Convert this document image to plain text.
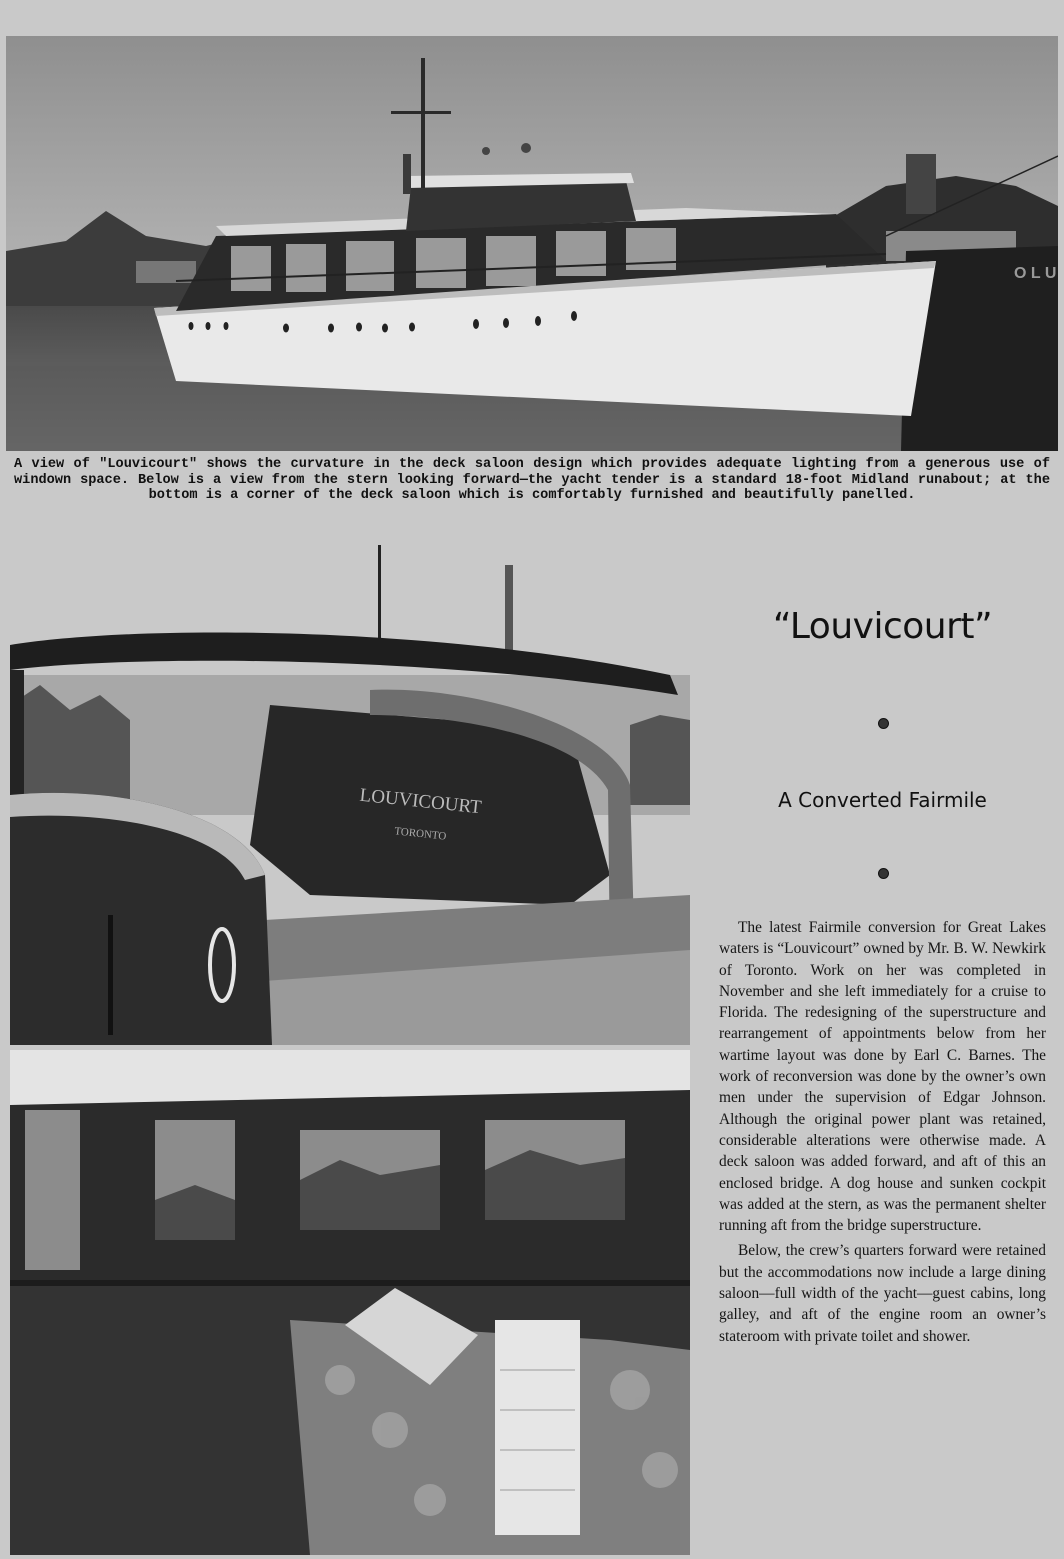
O L U
A view of "Louvicourt" shows the curvature in the deck saloon design which provides adequate lighting from a generous use of windown space. Below is a view from the stern looking forward—the yacht tender is a standard 18-foot Midland runabout; at the bottom is a corner of the deck saloon which is comfortably furnished and beautifully panelled.
LOUVICOURT
TORONTO
“Louvicourt”
A Converted Fairmile

The latest Fairmile conversion for Great Lakes waters is “Louvicourt” owned by Mr. B. W. Newkirk of Toronto. Work on her was completed in November and she left immediately for a cruise to Florida. The redesigning of the superstructure and rearrangement of appointments below from her wartime layout was done by Earl C. Barnes. The work of reconversion was done by the owner’s own men under the supervision of Edgar Johnson. Although the original power plant was retained, considerable alterations were otherwise made. A deck saloon was added forward, and aft of this an enclosed bridge. A dog house and sunken cockpit was added at the stern, as was the permanent shelter running aft from the bridge superstructure.

Below, the crew’s quarters forward were retained but the accommodations now include a large dining saloon—full width of the yacht—guest cabins, long galley, and aft of the engine room an owner’s stateroom with private toilet and shower.
